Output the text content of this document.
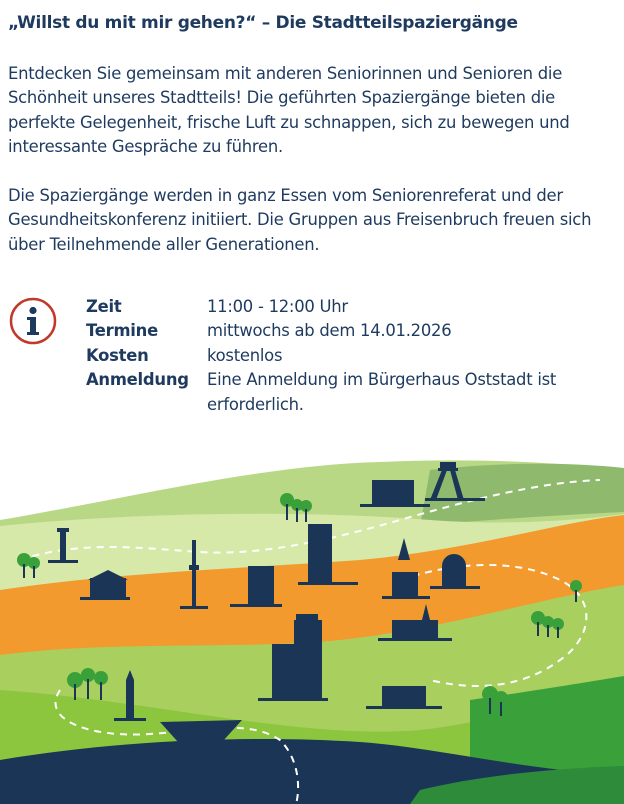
„Willst du mit mir gehen?“ – Die Stadtteilspaziergänge

Entdecken Sie gemeinsam mit anderen Seniorinnen und Senioren die Schönheit unseres Stadtteils! Die geführten Spaziergänge bieten die perfekte Gelegenheit, frische Luft zu schnappen, sich zu bewegen und interessante Gespräche zu führen.

Die Spaziergänge werden in ganz Essen vom Seniorenreferat und der Gesundheitskonferenz initiiert. Die Gruppen aus Freisenbruch freuen sich über Teilnehmende aller Generationen.

Zeit	11:00 - 12:00 Uhr
Termine	mittwochs ab dem 14.01.2026
Kosten	kostenlos
Anmeldung	Eine Anmeldung im Bürgerhaus Oststadt ist erforderlich.
